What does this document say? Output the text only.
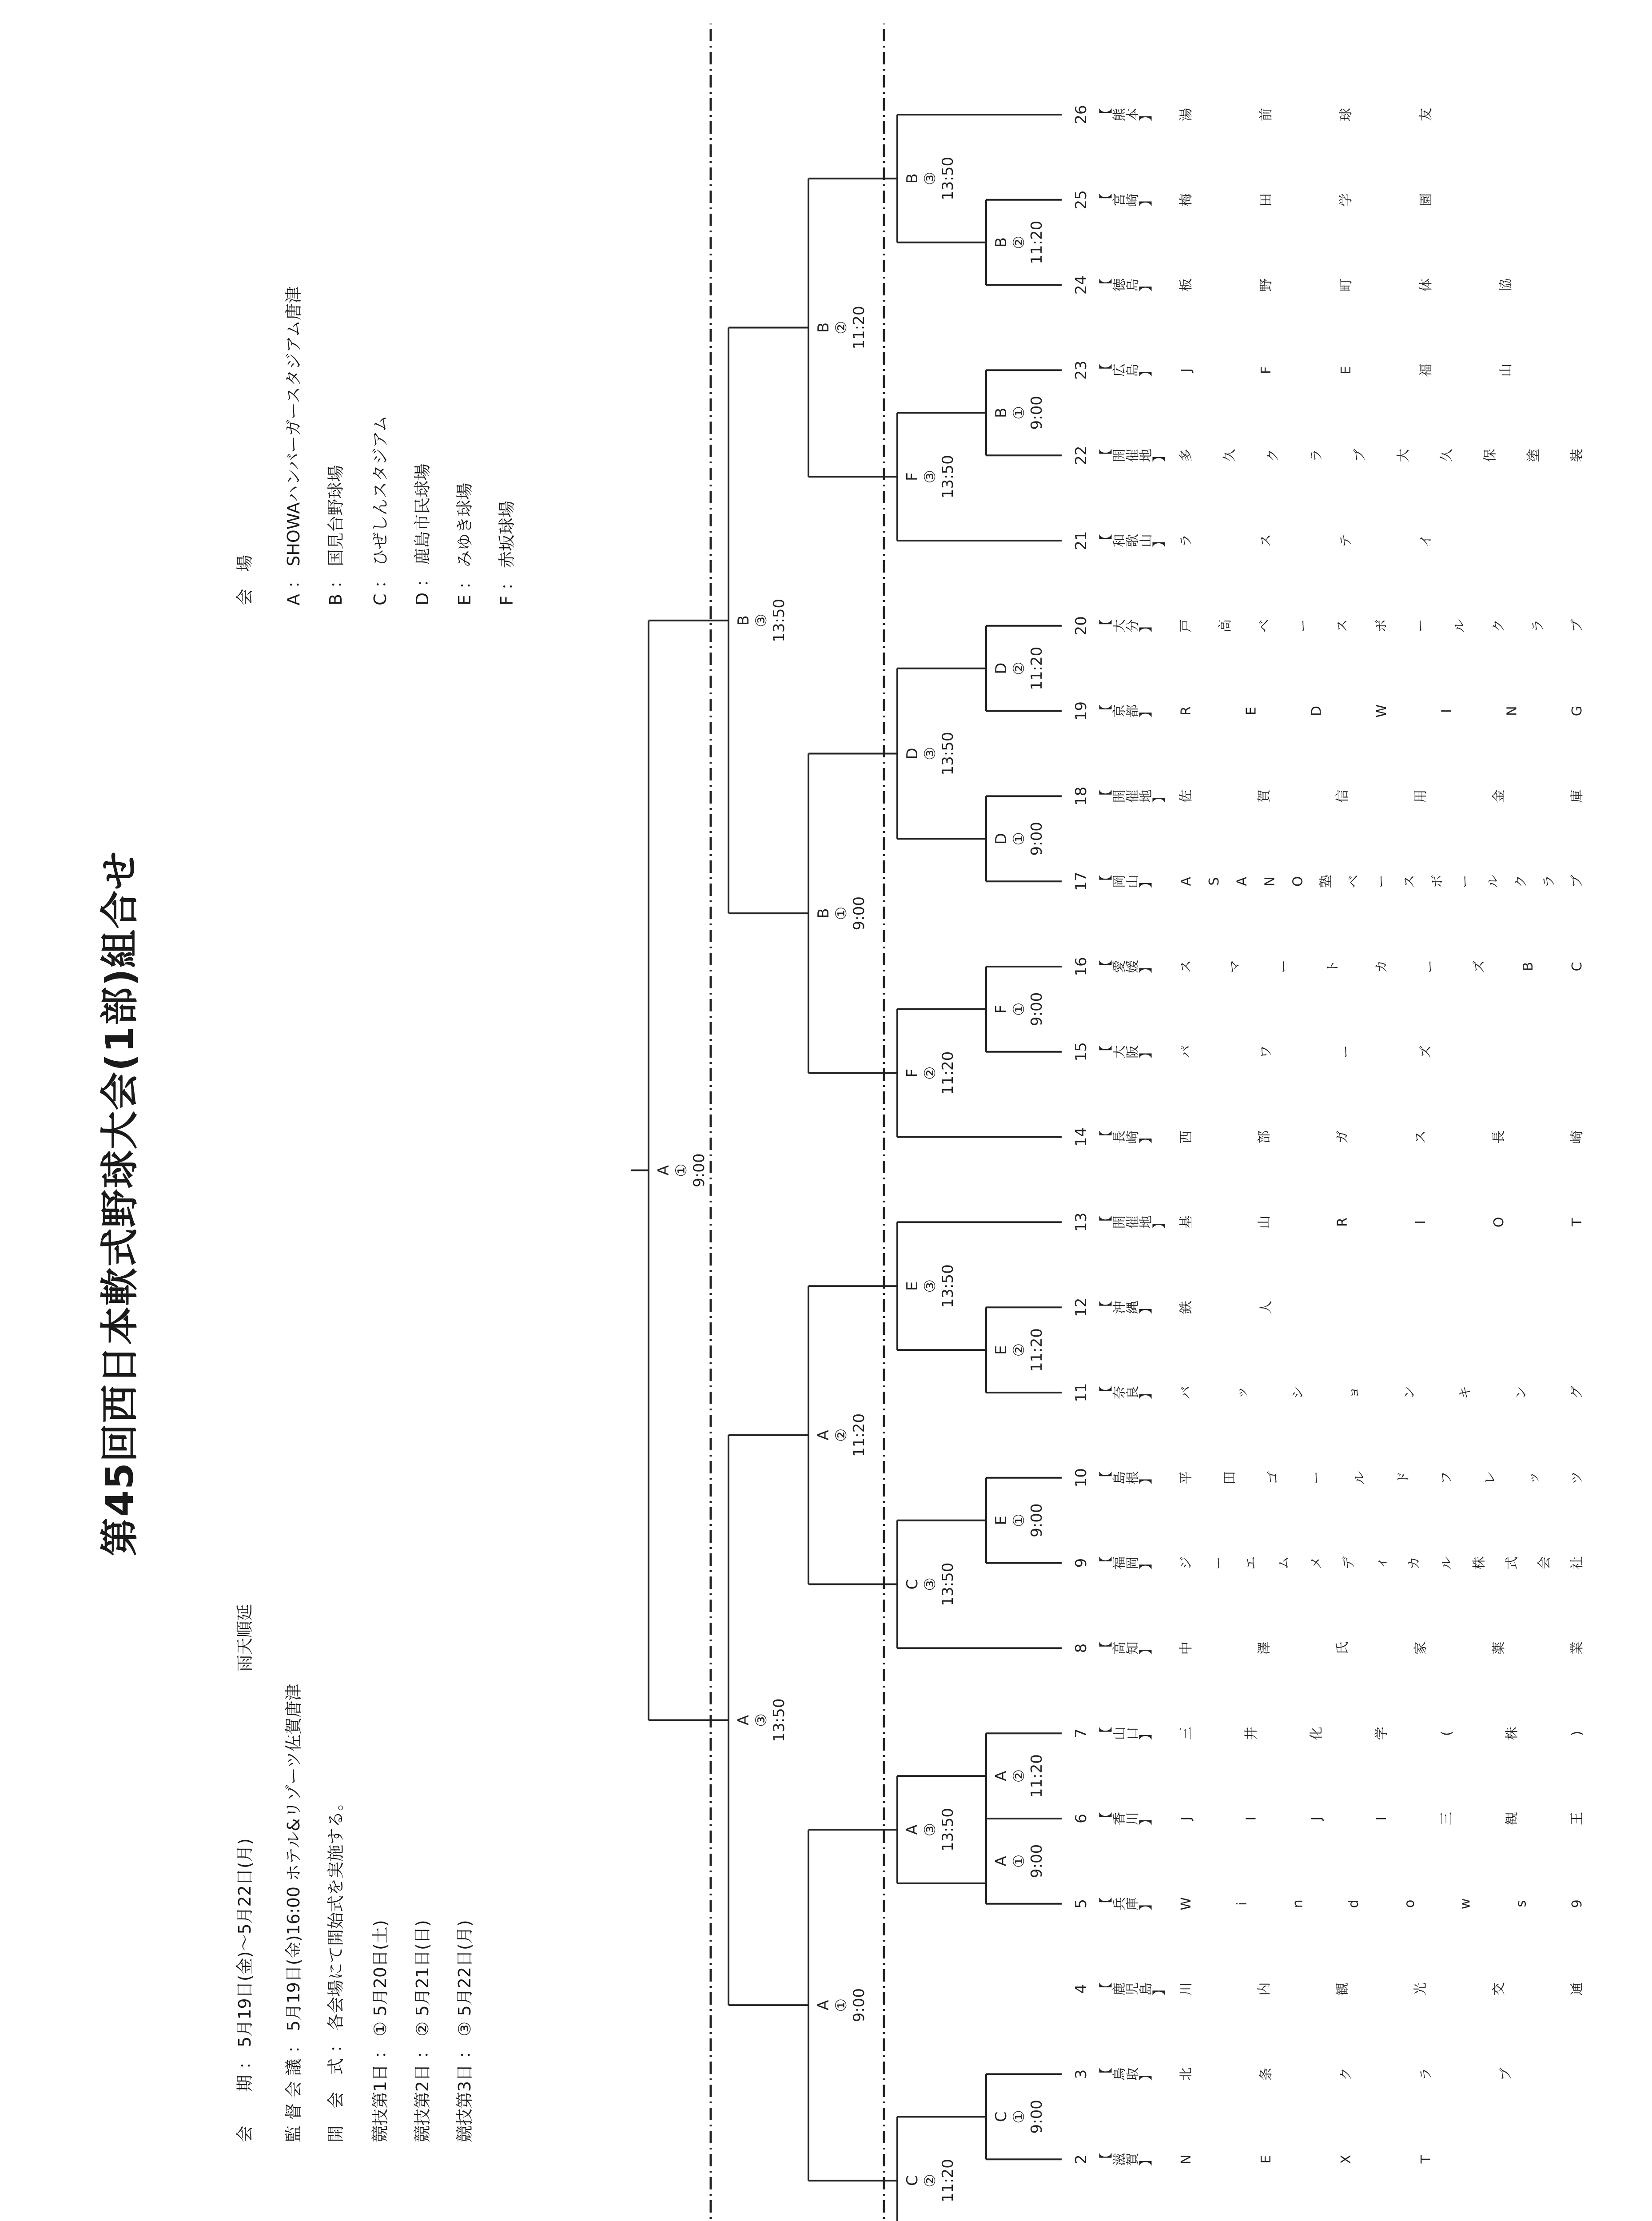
第45回西日本軟式野球大会(1部)組合せ
会　　期 ： 5月19日(金)～5月22日(月)
雨天順延
監 督 会 議 ： 5月19日(金)16:00 ホテル&リゾーツ佐賀唐津 開　会　式 ： 各会場にて開始式を実施する。 競技第1日 ： ① 5月20日(土) 競技第2日 ： ② 5月21日(日) 競技第3日 ： ③ 5月22日(月)
会　場 A ： SHOWAハンバーガースタジアム唐津 B ： 国見台野球場 C ： ひぜしんスタジアム D ： 鹿島市民球場 E ： みゆき球場 F ： 赤坂球場
2 【
滋
賀
】 N	E	X	T
3 【
鳥
取
】 北	条	ク	ラ	ブ
4 【
鹿
児
島
】 川	内	観	光	交	通
5 【
兵
庫
】 W	i	n	d	o	w	s	9
6 【
香
川
】 J	I	J	I	三	観	王
7 【
山
口
】 三	井	化	学	(	株	)
8 【
高
知
】 中	澤	氏	家	薬	業
9 【
福
岡
】 ジ ー エ ム メ デ ィ カ ル 株 式 会 社
10 【
島
根
】 平 田 ゴ ー ル ド フ レ ッ ツ
11 【
奈
良
】 バ	ッ	シ	ョ	ン	キ	ン	グ
12 【
沖
縄
】 鉄	人
13 【
開
催
地
】 基	山	R	I	O	T
14 【
長
崎
】 西	部	ガ	ス	長	崎
15 【
大
阪
】 パ	ワ	ー	ズ
16 【
愛
媛
】 ス	マ	ー	ト	カ	ー	ズ	B	C
17 【
岡
山
】 A S A N O 塾 ベ ー ス ボ ー ル ク ラ ブ
18 【
開
催
地
】 佐	賀	信	用	金	庫
19 【
京
都
】 R	E	D	W	I	N	G
20 【
大
分
】 戸 高 ベ ー ス ボ ー ル ク ラ ブ
21 【
和
歌
山
】 ラ	ス	テ	イ
22 【
開
催
地
】 多 久 ク ラ ブ 大 久 保 塗 装
23 【
広
島
】 J	F	E	福	山
24 【
徳
島
】 板	野	町	体	協
25 【
宮
崎
】 梅	田	学	園
26 【
熊
本
】 湯	前	球	友
C ① 9:00
C ② 11:20
A ① 9:00
A ② 11:20
A ③ 13:50
A ① 9:00
E ① 9:00
C ③ 13:50
E ② 11:20
E ③ 13:50
A ② 11:20
A ③ 13:50
F ① 9:00
F ② 11:20
D ① 9:00
D ② 11:20
D ③ 13:50
B ① 9:00
B ① 9:00
F ③ 13:50
B ② 11:20
B ③ 13:50
B ② 11:20
B ③ 13:50
A ① 9:00
